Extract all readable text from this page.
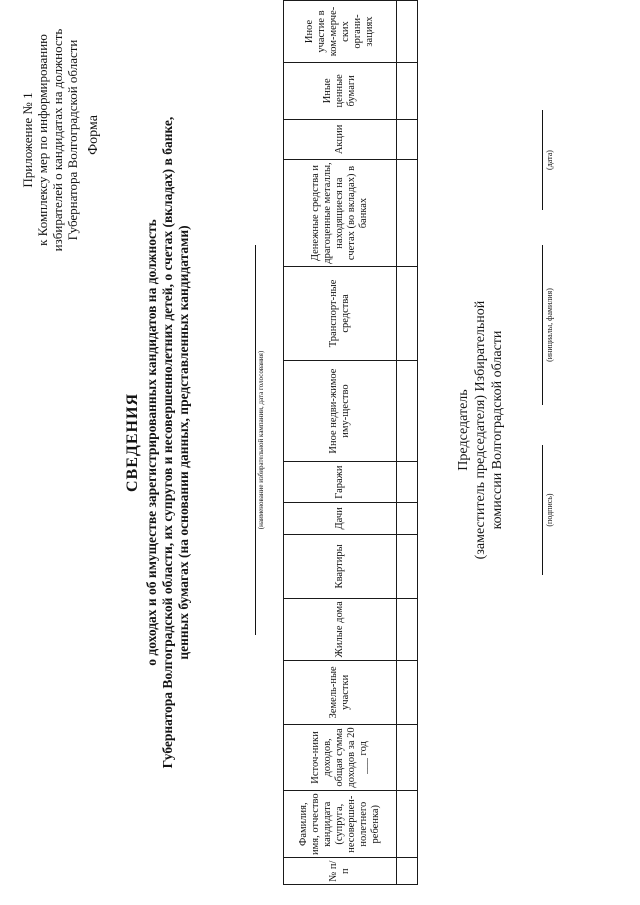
Приложение № 1 к Комплексу мер по информированию избирателей о кандидатах на должность Губернатора Волгоградской области Форма
СВЕДЕНИЯ о доходах и об имуществе зарегистрированных кандидатов на должность Губернатора Волгоградской области, их супругов и несовершеннолетних детей, о счетах (вкладах) в банке, ценных бумагах (на основании данных, представленных кандидатами)	(наименование избирательной кампании, дата голосования)
№ п/п	Фамилия, имя, отчество кандидата (супруга, несовершен-нолетнего ребенка)	Источ-ники доходов, общая сумма доходов за 20 ___ год	Земель-ные участки	Жилые дома	Квартиры	Дачи	Гаражи	Иное недви-жимое иму-щество	Транспорт-ные средства	Денежные средства и драгоценные металлы, находящиеся на счетах (во вкладах) в банках	Акции	Иные ценные бумаги	Иное участие в ком-мерче-ских органи-зациях

Председатель (заместитель председателя) Избирательной комиссии Волгоградской области	(подпись)
(инициалы, фамилия)
(дата)
